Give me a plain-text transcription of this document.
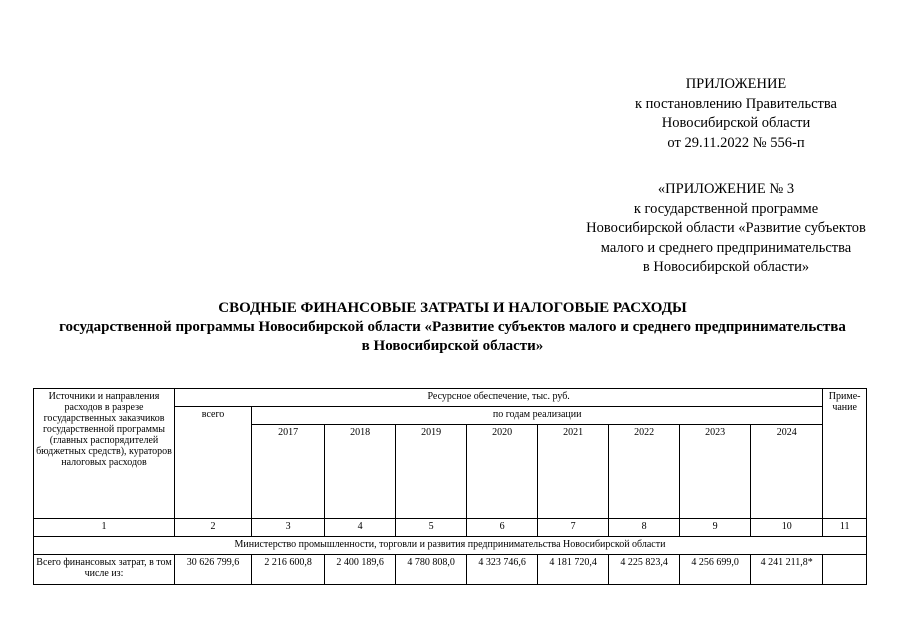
ПРИЛОЖЕНИЕ
к постановлению Правительства
Новосибирской области
от 29.11.2022 № 556-п
«ПРИЛОЖЕНИЕ № 3
к государственной программе
Новосибирской области «Развитие субъектов
малого и среднего предпринимательства
в Новосибирской области»
СВОДНЫЕ ФИНАНСОВЫЕ ЗАТРАТЫ И НАЛОГОВЫЕ РАСХОДЫ
государственной программы Новосибирской области «Развитие субъектов малого и среднего предпринимательства
в Новосибирской области»
Источники и направления расходов в разрезе государственных заказчиков государственной программы (главных распорядителей бюджетных средств), кураторов налоговых расходов	Ресурсное обеспечение, тыс. руб.									Приме-чание
	всего	по годам реализации								
		2017	2018	2019	2020	2021	2022	2023	2024	
1	2	3	4	5	6	7	8	9	10	11
Министерство промышленности, торговли и развития предпринимательства Новосибирской области										
Всего финансовых затрат, в том числе из:	30 626 799,6	2 216 600,8	2 400 189,6	4 780 808,0	4 323 746,6	4 181 720,4	4 225 823,4	4 256 699,0	4 241 211,8*	
